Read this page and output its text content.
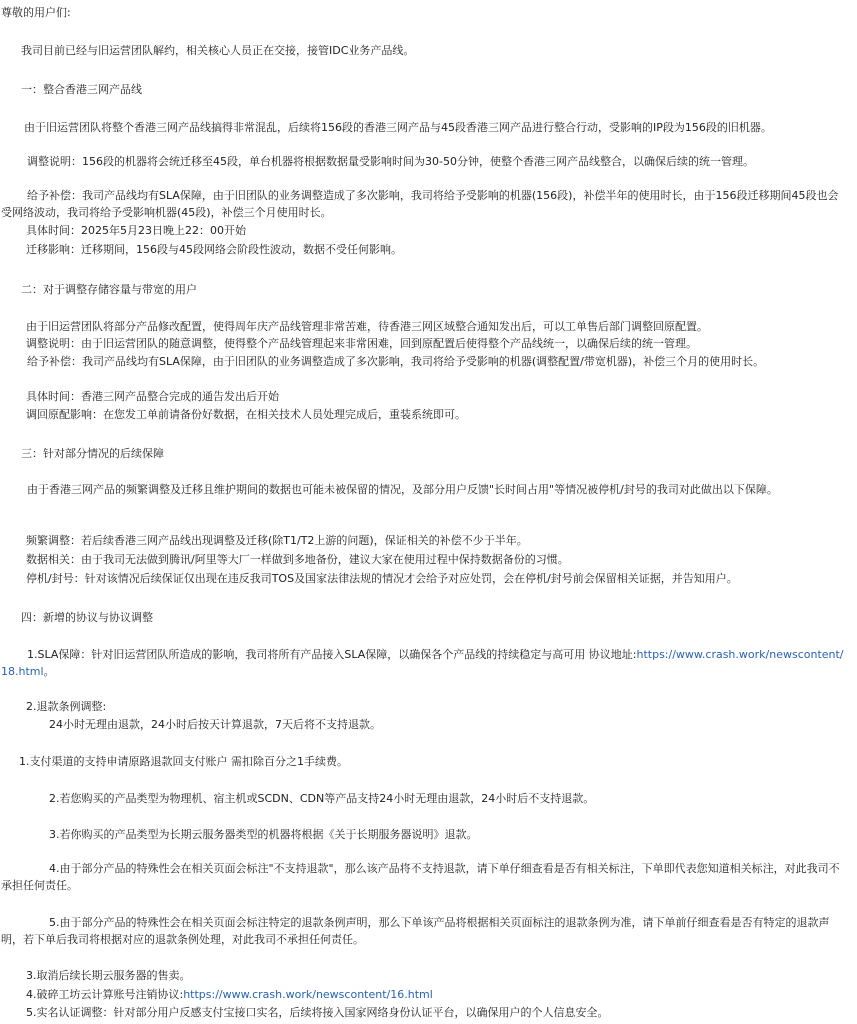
尊敬的用户们:
我司目前已经与旧运营团队解约，相关核心人员正在交接，接管IDC业务产品线。
一：整合香港三网产品线
由于旧运营团队将整个香港三网产品线搞得非常混乱，后续将156段的香港三网产品与45段香港三网产品进行整合行动，受影响的IP段为156段的旧机器。
调整说明：156段的机器将会统迁移至45段，单台机器将根据数据量受影响时间为30-50分钟，使整个香港三网产品线整合，以确保后续的统一管理。
给予补偿：我司产品线均有SLA保障，由于旧团队的业务调整造成了多次影响，我司将给予受影响的机器(156段)，补偿半年的使用时长，由于156段迁移期间45段也会受网络波动，我司将给予受影响机器(45段)，补偿三个月使用时长。
具体时间：2025年5月23日晚上22：00开始
迁移影响：迁移期间，156段与45段网络会阶段性波动，数据不受任何影响。
二：对于调整存储容量与带宽的用户
由于旧运营团队将部分产品修改配置，使得周年庆产品线管理非常苦难，待香港三网区域整合通知发出后，可以工单售后部门调整回原配置。
调整说明：由于旧运营团队的随意调整，使得整个产品线管理起来非常困难，回到原配置后使得整个产品线统一，以确保后续的统一管理。
给予补偿：我司产品线均有SLA保障，由于旧团队的业务调整造成了多次影响，我司将给予受影响的机器(调整配置/带宽机器)，补偿三个月的使用时长。
具体时间：香港三网产品整合完成的通告发出后开始
调回原配影响：在您发工单前请备份好数据，在相关技术人员处理完成后，重装系统即可。
三：针对部分情况的后续保障
由于香港三网产品的频繁调整及迁移且维护期间的数据也可能未被保留的情况，及部分用户反馈"长时间占用"等情况被停机/封号的我司对此做出以下保障。
频繁调整：若后续香港三网产品线出现调整及迁移(除T1/T2上游的问题)，保证相关的补偿不少于半年。
数据相关：由于我司无法做到腾讯/阿里等大厂一样做到多地备份，建议大家在使用过程中保持数据备份的习惯。
停机/封号：针对该情况后续保证仅出现在违反我司TOS及国家法律法规的情况才会给予对应处罚，会在停机/封号前会保留相关证据，并告知用户。
四：新增的协议与协议调整
1.SLA保障：针对旧运营团队所造成的影响，我司将所有产品接入SLA保障，以确保各个产品线的持续稳定与高可用 协议地址:https://www.crash.work/newscontent/18.html。
2.退款条例调整:
24小时无理由退款，24小时后按天计算退款，7天后将不支持退款。
1.支付渠道的支持申请原路退款回支付账户 需扣除百分之1手续费。
2.若您购买的产品类型为物理机、宿主机或SCDN、CDN等产品支持24小时无理由退款，24小时后不支持退款。
3.若你购买的产品类型为长期云服务器类型的机器将根据《关于长期服务器说明》退款。
4.由于部分产品的特殊性会在相关页面会标注"不支持退款"，那么该产品将不支持退款，请下单仔细查看是否有相关标注，下单即代表您知道相关标注，对此我司不承担任何责任。
5.由于部分产品的特殊性会在相关页面会标注特定的退款条例声明，那么下单该产品将根据相关页面标注的退款条例为准，请下单前仔细查看是否有特定的退款声明，若下单后我司将根据对应的退款条例处理，对此我司不承担任何责任。
3.取消后续长期云服务器的售卖。
4.破碎工坊云计算账号注销协议:https://www.crash.work/newscontent/16.html
5.实名认证调整：针对部分用户反感支付宝接口实名，后续将接入国家网络身份认证平台，以确保用户的个人信息安全。
